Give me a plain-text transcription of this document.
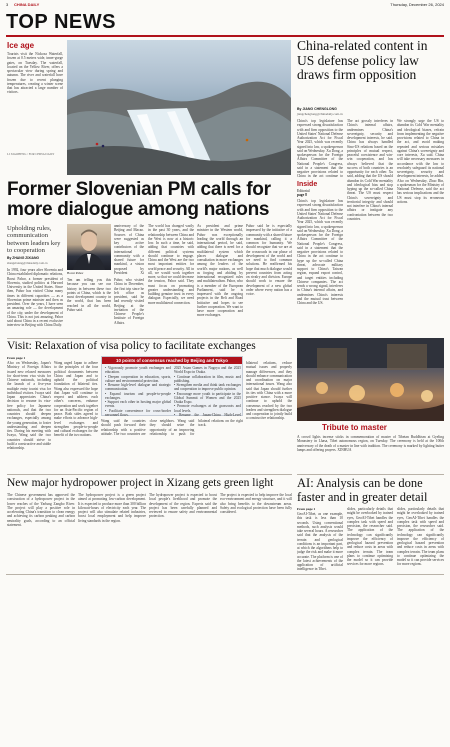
3 CHINA DAILY	Thursday, December 26, 2024
TOP NEWS
Ice age
Tourists visit the Nickosa Waterfall, frozen at 0.5 meters wide, inner-gorge gates, on Tuesday. The waterfall, located on the Yellow River, offers a spectacular view during spring and autumn. The river and waterfall have frozen due to recent plunging temperatures, creating a winter scene that has attracted a large number of visitors.
LI XIAOHENG / FOR CHINA DAILY
China-related content in US defense policy law draws firm opposition
By JIANG CHENGLONG
jiangchenglong@chinadaily.com.cn
China's top legislature has expressed strong dissatisfaction with and firm opposition to the United States' National Defense Authorization Act for Fiscal Year 2025, which was recently signed into law, a spokesperson said on Wednesday. Xu Dong, a spokesperson for the Foreign Affairs Committee of the National People's Congress, said in a statement that the negative provisions related to China in the act continue to
Inside
Editorial
page 8
China's top legislature has expressed strong dissatisfaction with and firm opposition to the United States' National Defense Authorization Act for Fiscal Year 2025, which was recently signed into law, a spokesperson said on Wednesday. Xu Dong, a spokesperson for the Foreign Affairs Committee of the National People's Congress, said in a statement that the negative provisions related to China in the act continue to hype up the so-called China threat, advocate military support to China's Taiwan region, expand export control, and target entities including Chinese companies. The act sends a wrong signal, interferes in China's internal affairs, and undermines China's interests and the mutual trust between China and the US.
The act grossly interferes in China's internal affairs, undermines China's sovereignty, security and development interests, he said. China has always handled Sino-US relations based on the principles of mutual respect, peaceful coexistence and win-win cooperation, and has always believed that the success of both countries is an opportunity for each other. Xu said, adding that the US should abandon its Cold War mentality and ideological bias and stop hyping up the so-called China threat. The US must respect China's sovereignty and territorial integrity and should not interfere in China's internal affairs or instigate any confrontation between the two countries.
We strongly urge the US to abandon its Cold War mentality and ideological biases, refrain from implementing the negative provisions related to China in the act, and avoid making repeated and serious mistakes against China's sovereignty and core interests, Xu said. China will take necessary measures in accordance with the law to resolutely safeguard its national sovereignty, security and development interests, he added. Also on Wednesday, Zhao Bin, a spokesman for the Ministry of National Defense, said the act has serious implications and the US must stop its erroneous actions.
Former Slovenian PM calls for more dialogue among nations
Upholding rules, communication between leaders key to cooperation
By ZHANG ZIXIANG
zhangzixiang@chinadaily.com.cn
In 1992, four years after Slovenia and China established diplomatic relations, Borut Pahor, a former president of Slovenia, studied politics at Harvard University in the United States. Since then, Pahor has visited China many times in different capacities — as a Slovenian prime minister and then as president. Over the years, I have seen an amazing role — the development of the city, under the development of China. This is not just amazing, Pahor said about China in a recent exclusive interview in Beijing with China Daily.
Borut Pahor
Ten am telling you this because you can see our history in between these two points at China, which is the most development country in the world, that has been reached in all the world, Pahor said.
anniversary of the Beijing and Macao. Sources of China were suggested as key active contributors of the international community with a shared future for mankind, a vision proposed by President Xi
Pahor, who visited China in December, the first trip since he left office as president, said he had recently visited Beijing at the invitation of the Chinese People's Institute of Foreign Affairs.
The world has changed vastly in the past 30 years, and the relationship between China and the West is now at a historic low. In such a time, he said, adding that countries with different political systems should continue to engage. China and the West are the two most important entities for world peace and security. All in all, we would work together more, so that we could decrease the tension, Pahor said. They must focus on promoting greater understanding and building genuine trust in every dialogue. Especially, we need more multilateral connection.
As president and prime minister in the Western world, Pahor was exceptionally leading the world through an international period, he said, adding that there is need for a multilateral system which places dialogue and consultation in more exchanges among the leaders of the world's major nations, as well as forging and abiding by international recognized rules and multilateralism. Pahor, who is a member of the European Parliament, said he is impressed with the ongoing projects in the Belt and Road Initiative and hopes to see further cooperation. We want to have more cooperation and more exchanges.
Pahor said he is especially impressed by the initiative of a community with a shared future for mankind, calling it a common for humanity. We should recognize that we are at the crossroads in our phase of development of the world and we need to find common solutions. He reaffirmed his hope that much dialogue would prevent countries from acting on rivalry and division. Europe should work to ensure the development of a new global order where every nation has a voice.
Tribute to master
A crowd lights incense sticks in commemoration of master of Tibetan Buddhism at Gyeling Monastery in Lhasa, Tibet autonomous region, on Tuesday. The ceremony is held at the 100th anniversary of the death of a master in line with tradition. The ceremony is marked by lighting butter lamps and offering prayers. XINHUA
Visit: Relaxation of visa policy to facilitate exchanges
From page 1
Also on Wednesday, Japan's Ministry of Foreign Affairs issued new relaxed measures for short-term visa visits for Chinese nationals, including the launch of a five-year multiple entry tourist visa for individual visitors. Iwaya said Japan appreciates China's decision to resume its visa-free policy for Japanese nationals, and that the two countries should deepen exchanges, especially among the young generation, to foster understanding and deepen ties. During his meeting with Iwaya, Wang said the two countries should strive to build a constructive and stable relationship.
Wang urged Japan to adhere to the principles of the four political documents between China and Japan and to uphold the political foundation of bilateral ties. Wang also expressed the hope that Japan will continue to respect and address each other's concerns, enhance cooperation and work together for an Asia-Pacific region of peace. Both sides agreed to make efforts to advance high-level exchanges and strengthen people-to-people and cultural exchanges for the benefit of the two nations.
10 points of consensus reached by Beijing and Tokyo
• Vigorously promote youth exchanges and education.
• Deepen cooperation in education, sports, culture and environmental protection.
• Resume high-level dialogue and strategic communication.
• Expand tourism and people-to-people exchanges.
• Support each other in hosting major global events.
• Facilitate convenience for cross-border personnel flows.
2025 Asian Games in Nagoya and the 2025 World Expo in Osaka.
• Continue collaboration in film, music and publishing.
• Strengthen media and think tank exchanges and cooperation to improve public opinion.
• Encourage more youth to participate in the Global Summit of Women and the 2025 Osaka Expo.
• Promote exchanges at the grassroots and local levels.
• Resume the Japan-China High-Level
Wang said the countries should push forward their relationship with a positive attitude. The two countries are close neighbors. Wang said they should seize the opportunity of an improving relationship to push for bilateral relations on the right track.
bilateral relations, reduce mutual issues and properly manage differences, and they should enhance communication and coordination on major international issues. Wang also said that Japan should further its ties with China with a more positive stance. Iwaya will continue to uphold the consensus reached by the two leaders and strengthen dialogue and cooperation to jointly build a constructive relationship.
AI: Analysis can be done faster and in greater detail
From page 1
GeoAI-Tibet, as one example, this task is less than 10 seconds. Using conventional methods, such analysis would take several hours. A researcher said that the analysis of the terrain and geological conditions is an important part, at which the algorithms help to judge the risk and make it more accurate. The platform is one of the latest achievements of the application of artificial intelligence in Tibet.
slides, particularly details that might be overlooked by trained eyes, GeoAI-Tibet handles the complex task with speed and precision, the researcher said. The application of the technology can significantly improve the efficiency of geological hazard prevention and reduce costs in areas with complex terrain. The team plans to continue optimizing the model so it can provide services for more regions.
slides, particularly details that might be overlooked by trained eyes, GeoAI-Tibet handles the complex task with speed and precision, the researcher said. The application of the technology can significantly improve the efficiency of geological hazard prevention and reduce costs in areas with complex terrain. The team plans to continue optimizing the model so it can provide services for more regions.
New major hydropower project in Xizang gets green light
The Chinese government has approved the construction of a hydropower project in the lower reaches of the Yarlung Zangbo River. The project will play a positive role in accelerating China's transition to clean energy and achieving its carbon peaking and carbon neutrality goals, according to an official statement.
The hydropower project is a green project aimed at promoting low-carbon development. It is expected to produce more than 300 billion kilowatt-hours of electricity each year. The project will also stimulate related industries, boost local employment and help improve living standards in the region.
The hydropower project is expected to boost local people's livelihood and promote the development of the region. Experts said the project has been carefully planned and reviewed to ensure safety and environmental protection.
The project is expected to help improve the local eco-environment and energy structure, and it will also bring benefits to the downstream areas. Safety and ecological protection have been fully considered.
